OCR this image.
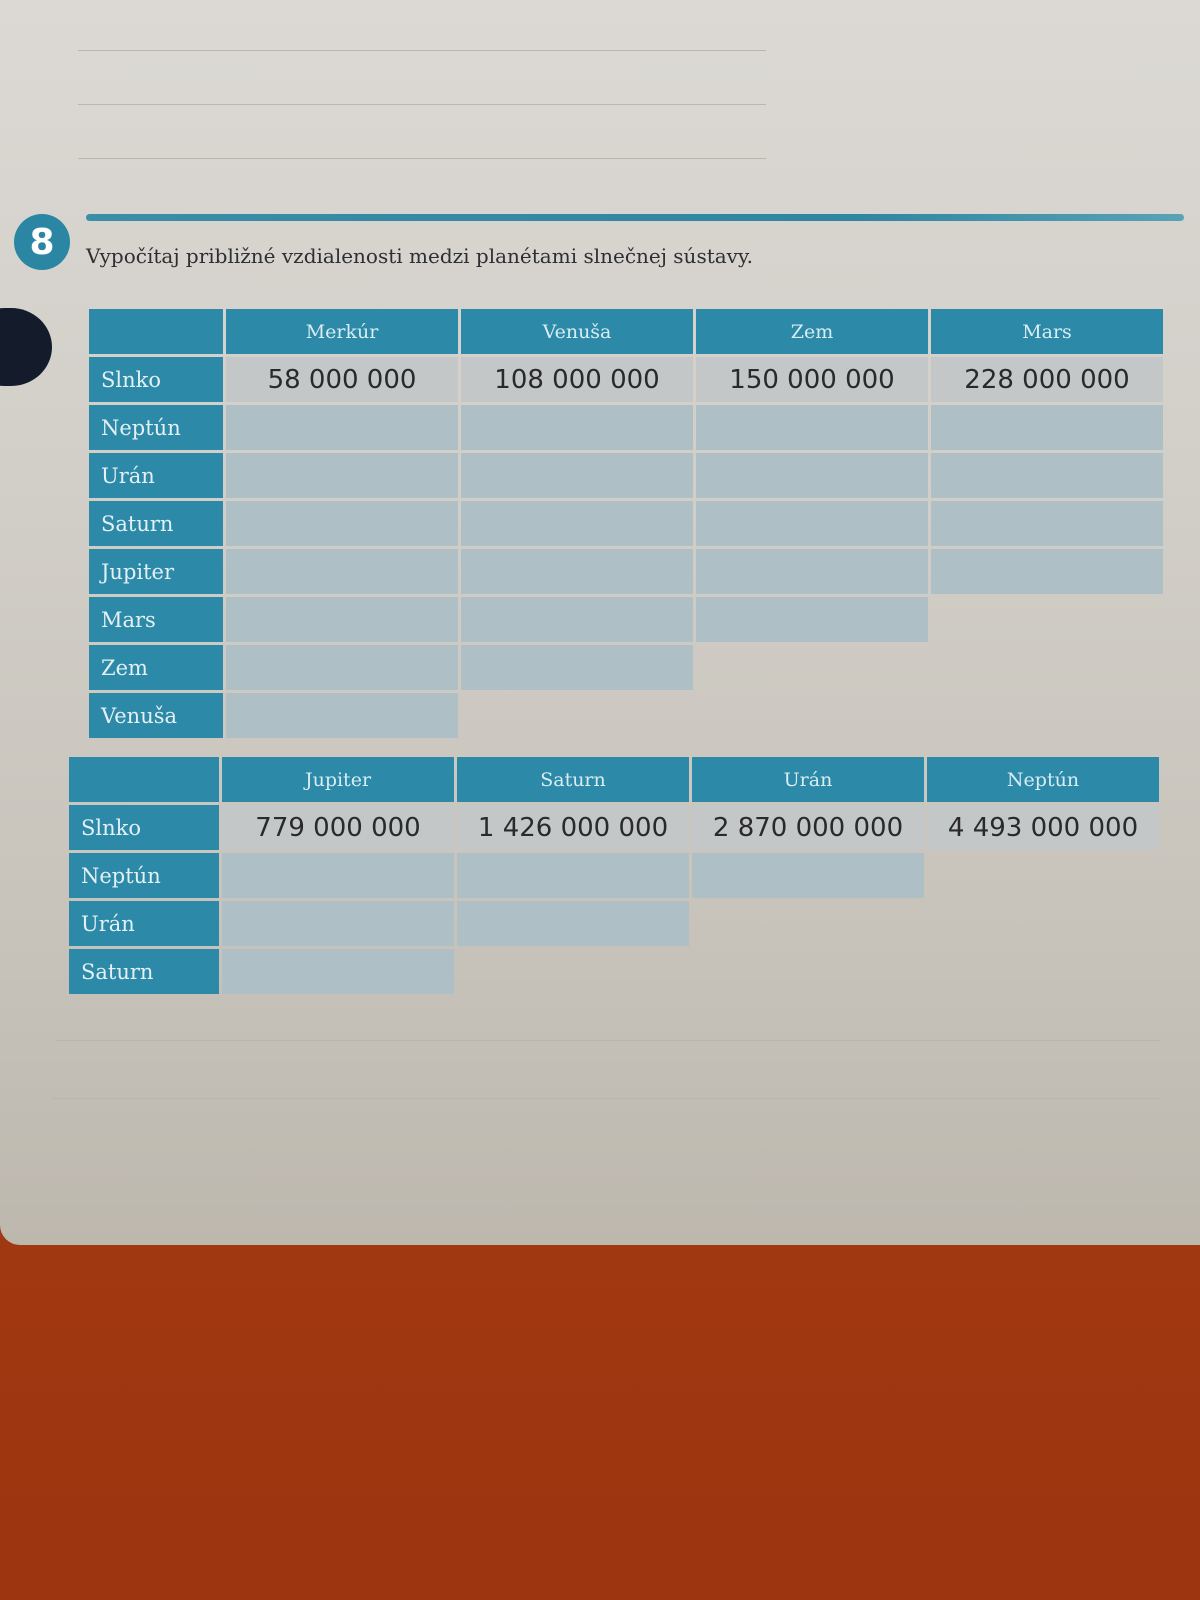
8	Vypočítaj približné vzdialenosti medzi planétami slnečnej sústavy.
	Merkúr	Venuša	Zem	Mars
Slnko	58 000 000	108 000 000	150 000 000	228 000 000
Neptún				
Urán				
Saturn				
Jupiter				
Mars				
Zem				
Venuša				
	Jupiter	Saturn	Urán	Neptún
Slnko	779 000 000	1 426 000 000	2 870 000 000	4 493 000 000
Neptún				
Urán				
Saturn				
